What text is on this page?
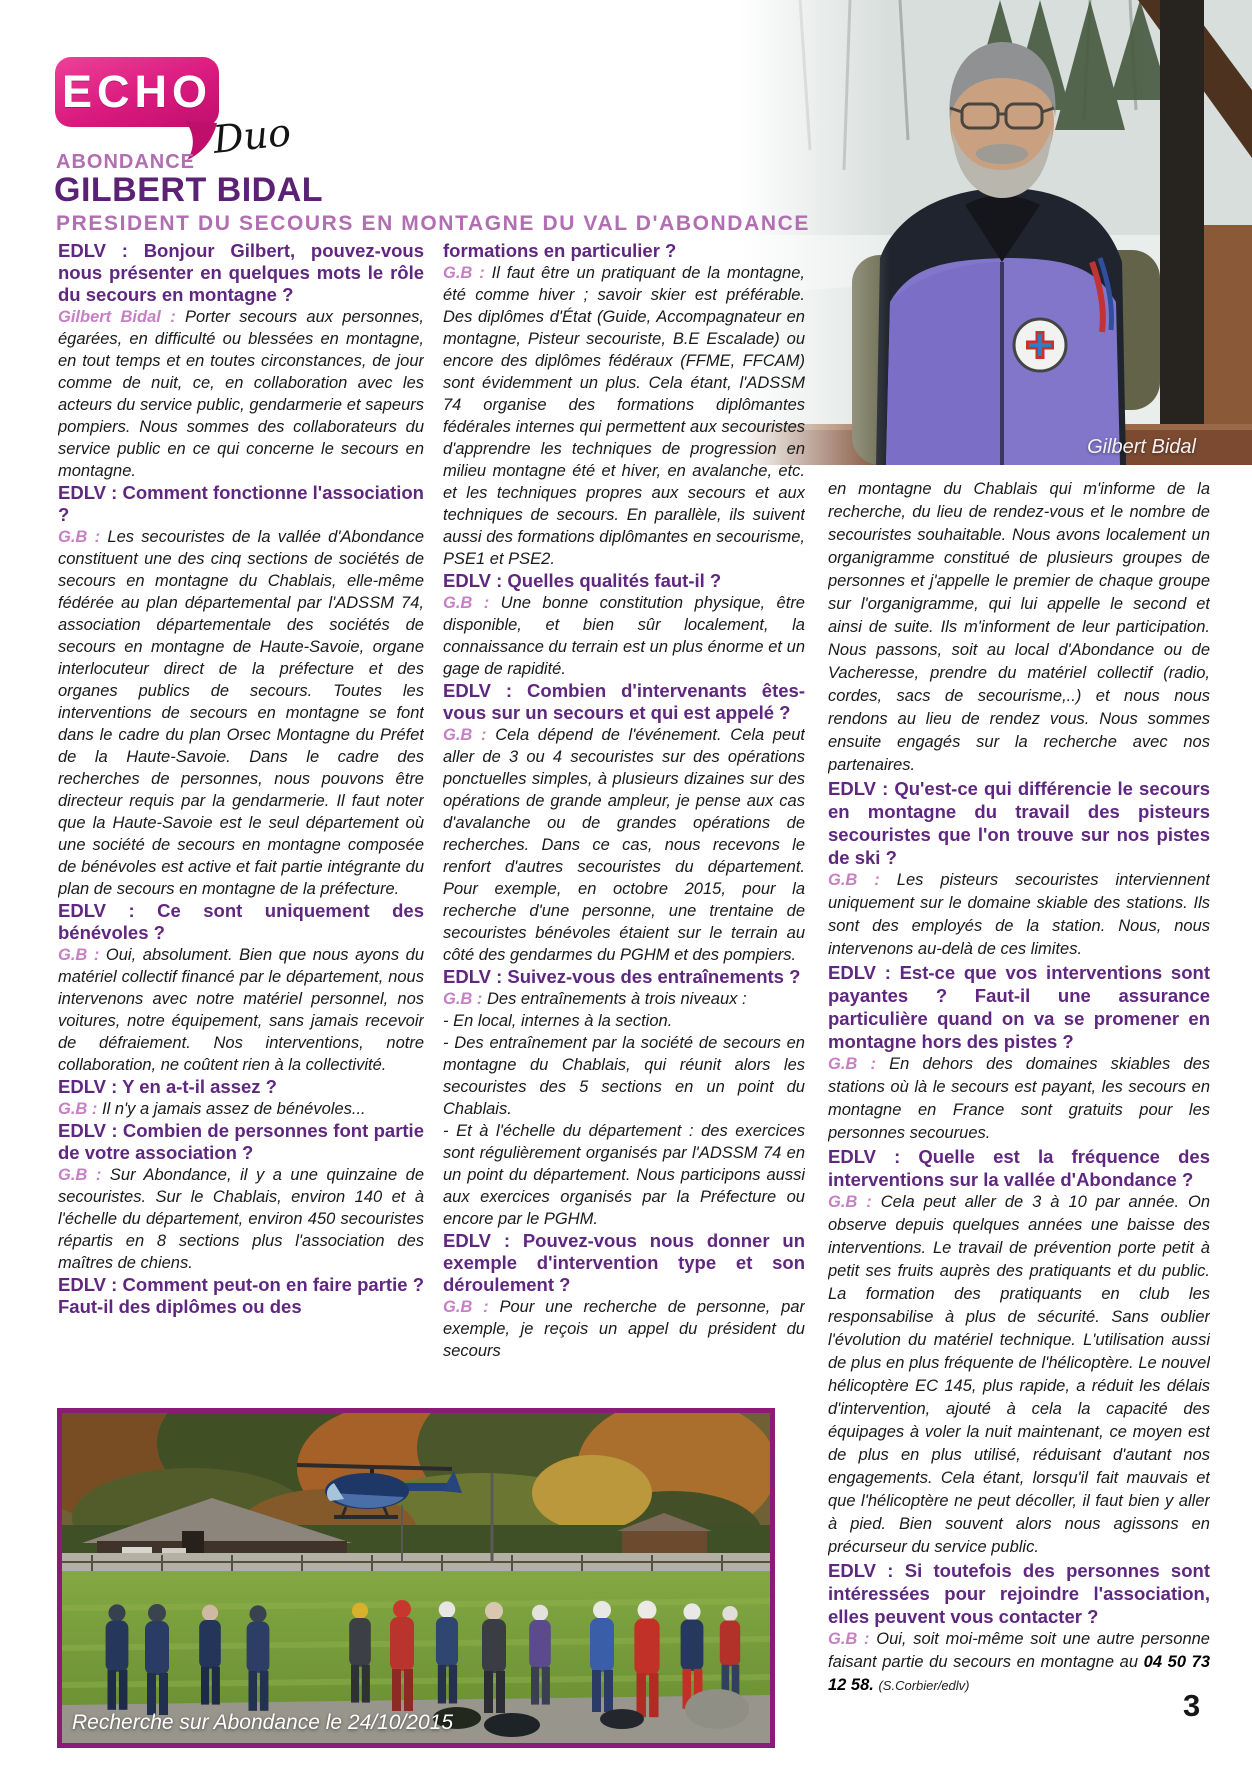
Gilbert Bidal
ECHO
Duo
ABONDANCE
GILBERT BIDAL
PRESIDENT DU SECOURS EN MONTAGNE DU VAL D'ABONDANCE

EDLV : Bonjour Gilbert, pouvez-vous nous présenter en quelques mots le rôle du secours en montagne ?

Gilbert Bidal : Porter secours aux personnes, égarées, en difficulté ou blessées en montagne, en tout temps et en toutes circonstances, de jour comme de nuit, ce, en collaboration avec les acteurs du service public, gendarmerie et sapeurs pompiers. Nous sommes des collaborateurs du service public en ce qui concerne le secours en montagne.

EDLV : Comment fonctionne l'association ?

G.B : Les secouristes de la vallée d'Abondance constituent une des cinq sections de sociétés de secours en montagne du Chablais, elle-même fédérée au plan départemental par l'ADSSM 74, association départementale des sociétés de secours en montagne de Haute-Savoie, organe interlocuteur direct de la préfecture et des organes publics de secours. Toutes les interventions de secours en montagne se font dans le cadre du plan Orsec Montagne du Préfet de la Haute-Savoie. Dans le cadre des recherches de personnes, nous pouvons être directeur requis par la gendarmerie. Il faut noter que la Haute-Savoie est le seul département où une société de secours en montagne composée de bénévoles est active et fait partie intégrante du plan de secours en montagne de la préfecture.

EDLV : Ce sont uniquement des bénévoles ?

G.B : Oui, absolument. Bien que nous ayons du matériel collectif financé par le département, nous intervenons avec notre matériel personnel, nos voitures, notre équipement, sans jamais recevoir de défraiement. Nos interventions, notre collaboration, ne coûtent rien à la collectivité.

EDLV : Y en a-t-il assez ?

G.B : Il n'y a jamais assez de bénévoles...

EDLV : Combien de personnes font partie de votre association ?

G.B : Sur Abondance, il y a une quinzaine de secouristes. Sur le Chablais, environ 140 et à l'échelle du département, environ 450 secouristes répartis en 8 sections plus l'association des maîtres de chiens.

EDLV : Comment peut-on en faire partie ? Faut-il des diplômes ou des

formations en particulier ?

G.B : Il faut être un pratiquant de la montagne, été comme hiver ; savoir skier est préférable. Des diplômes d'État (Guide, Accompagnateur en montagne, Pisteur secouriste, B.E Escalade) ou encore des diplômes fédéraux (FFME, FFCAM) sont évidemment un plus. Cela étant, l'ADSSM 74 organise des formations diplômantes fédérales internes qui permettent aux secouristes d'apprendre les techniques de progression en milieu montagne été et hiver, en avalanche, etc. et les techniques propres aux secours et aux techniques de secours. En parallèle, ils suivent aussi des formations diplômantes en secourisme, PSE1 et PSE2.

EDLV : Quelles qualités faut-il ?

G.B : Une bonne constitution physique, être disponible, et bien sûr localement, la connaissance du terrain est un plus énorme et un gage de rapidité.

EDLV : Combien d'intervenants êtes-vous sur un secours et qui est appelé ?

G.B : Cela dépend de l'événement. Cela peut aller de 3 ou 4 secouristes sur des opérations ponctuelles simples, à plusieurs dizaines sur des opérations de grande ampleur, je pense aux cas d'avalanche ou de grandes opérations de recherches. Dans ce cas, nous recevons le renfort d'autres secouristes du département. Pour exemple, en octobre 2015, pour la recherche d'une personne, une trentaine de secouristes bénévoles étaient sur le terrain au côté des gendarmes du PGHM et des pompiers.

EDLV : Suivez-vous des entraînements ?

G.B : Des entraînements à trois niveaux :

- En local, internes à la section.

- Des entraînement par la société de secours en montagne du Chablais, qui réunit alors les secouristes des 5 sections en un point du Chablais.

- Et à l'échelle du département : des exercices sont régulièrement organisés par l'ADSSM 74 en un point du département. Nous participons aussi aux exercices organisés par la Préfecture ou encore par le PGHM.

EDLV : Pouvez-vous nous donner un exemple d'intervention type et son déroulement ?

G.B : Pour une recherche de personne, par exemple, je reçois un appel du président du secours

en montagne du Chablais qui m'informe de la recherche, du lieu de rendez-vous et le nombre de secouristes souhaitable. Nous avons localement un organigramme constitué de plusieurs groupes de personnes et j'appelle le premier de chaque groupe sur l'organigramme, qui lui appelle le second et ainsi de suite. Ils m'informent de leur participation. Nous passons, soit au local d'Abondance ou de Vacheresse, prendre du matériel collectif (radio, cordes, sacs de secourisme,..) et nous nous rendons au lieu de rendez vous. Nous sommes ensuite engagés sur la recherche avec nos partenaires.

EDLV : Qu'est-ce qui différencie le secours en montagne du travail des pisteurs secouristes que l'on trouve sur nos pistes de ski ?

G.B : Les pisteurs secouristes interviennent uniquement sur le domaine skiable des stations. Ils sont des employés de la station. Nous, nous intervenons au-delà de ces limites.

EDLV : Est-ce que vos interventions sont payantes ? Faut-il une assurance particulière quand on va se promener en montagne hors des pistes ?

G.B : En dehors des domaines skiables des stations où là le secours est payant, les secours en montagne en France sont gratuits pour les personnes secourues.

EDLV : Quelle est la fréquence des interventions sur la vallée d'Abondance ?

G.B : Cela peut aller de 3 à 10 par année. On observe depuis quelques années une baisse des interventions. Le travail de prévention porte petit à petit ses fruits auprès des pratiquants et du public. La formation des pratiquants en club les responsabilise à plus de sécurité. Sans oublier l'évolution du matériel technique. L'utilisation aussi de plus en plus fréquente de l'hélicoptère. Le nouvel hélicoptère EC 145, plus rapide, a réduit les délais d'intervention, ajouté à cela la capacité des équipages à voler la nuit maintenant, ce moyen est de plus en plus utilisé, réduisant d'autant nos engagements. Cela étant, lorsqu'il fait mauvais et que l'hélicoptère ne peut décoller, il faut bien y aller à pied. Bien souvent alors nous agissons en précurseur du service public.

EDLV : Si toutefois des personnes sont intéressées pour rejoindre l'association, elles peuvent vous contacter ?

G.B : Oui, soit moi-même soit une autre personne faisant partie du secours en montagne au 04 50 73 12 58. (S.Corbier/edlv)

Recherche sur Abondance le 24/10/2015	3
